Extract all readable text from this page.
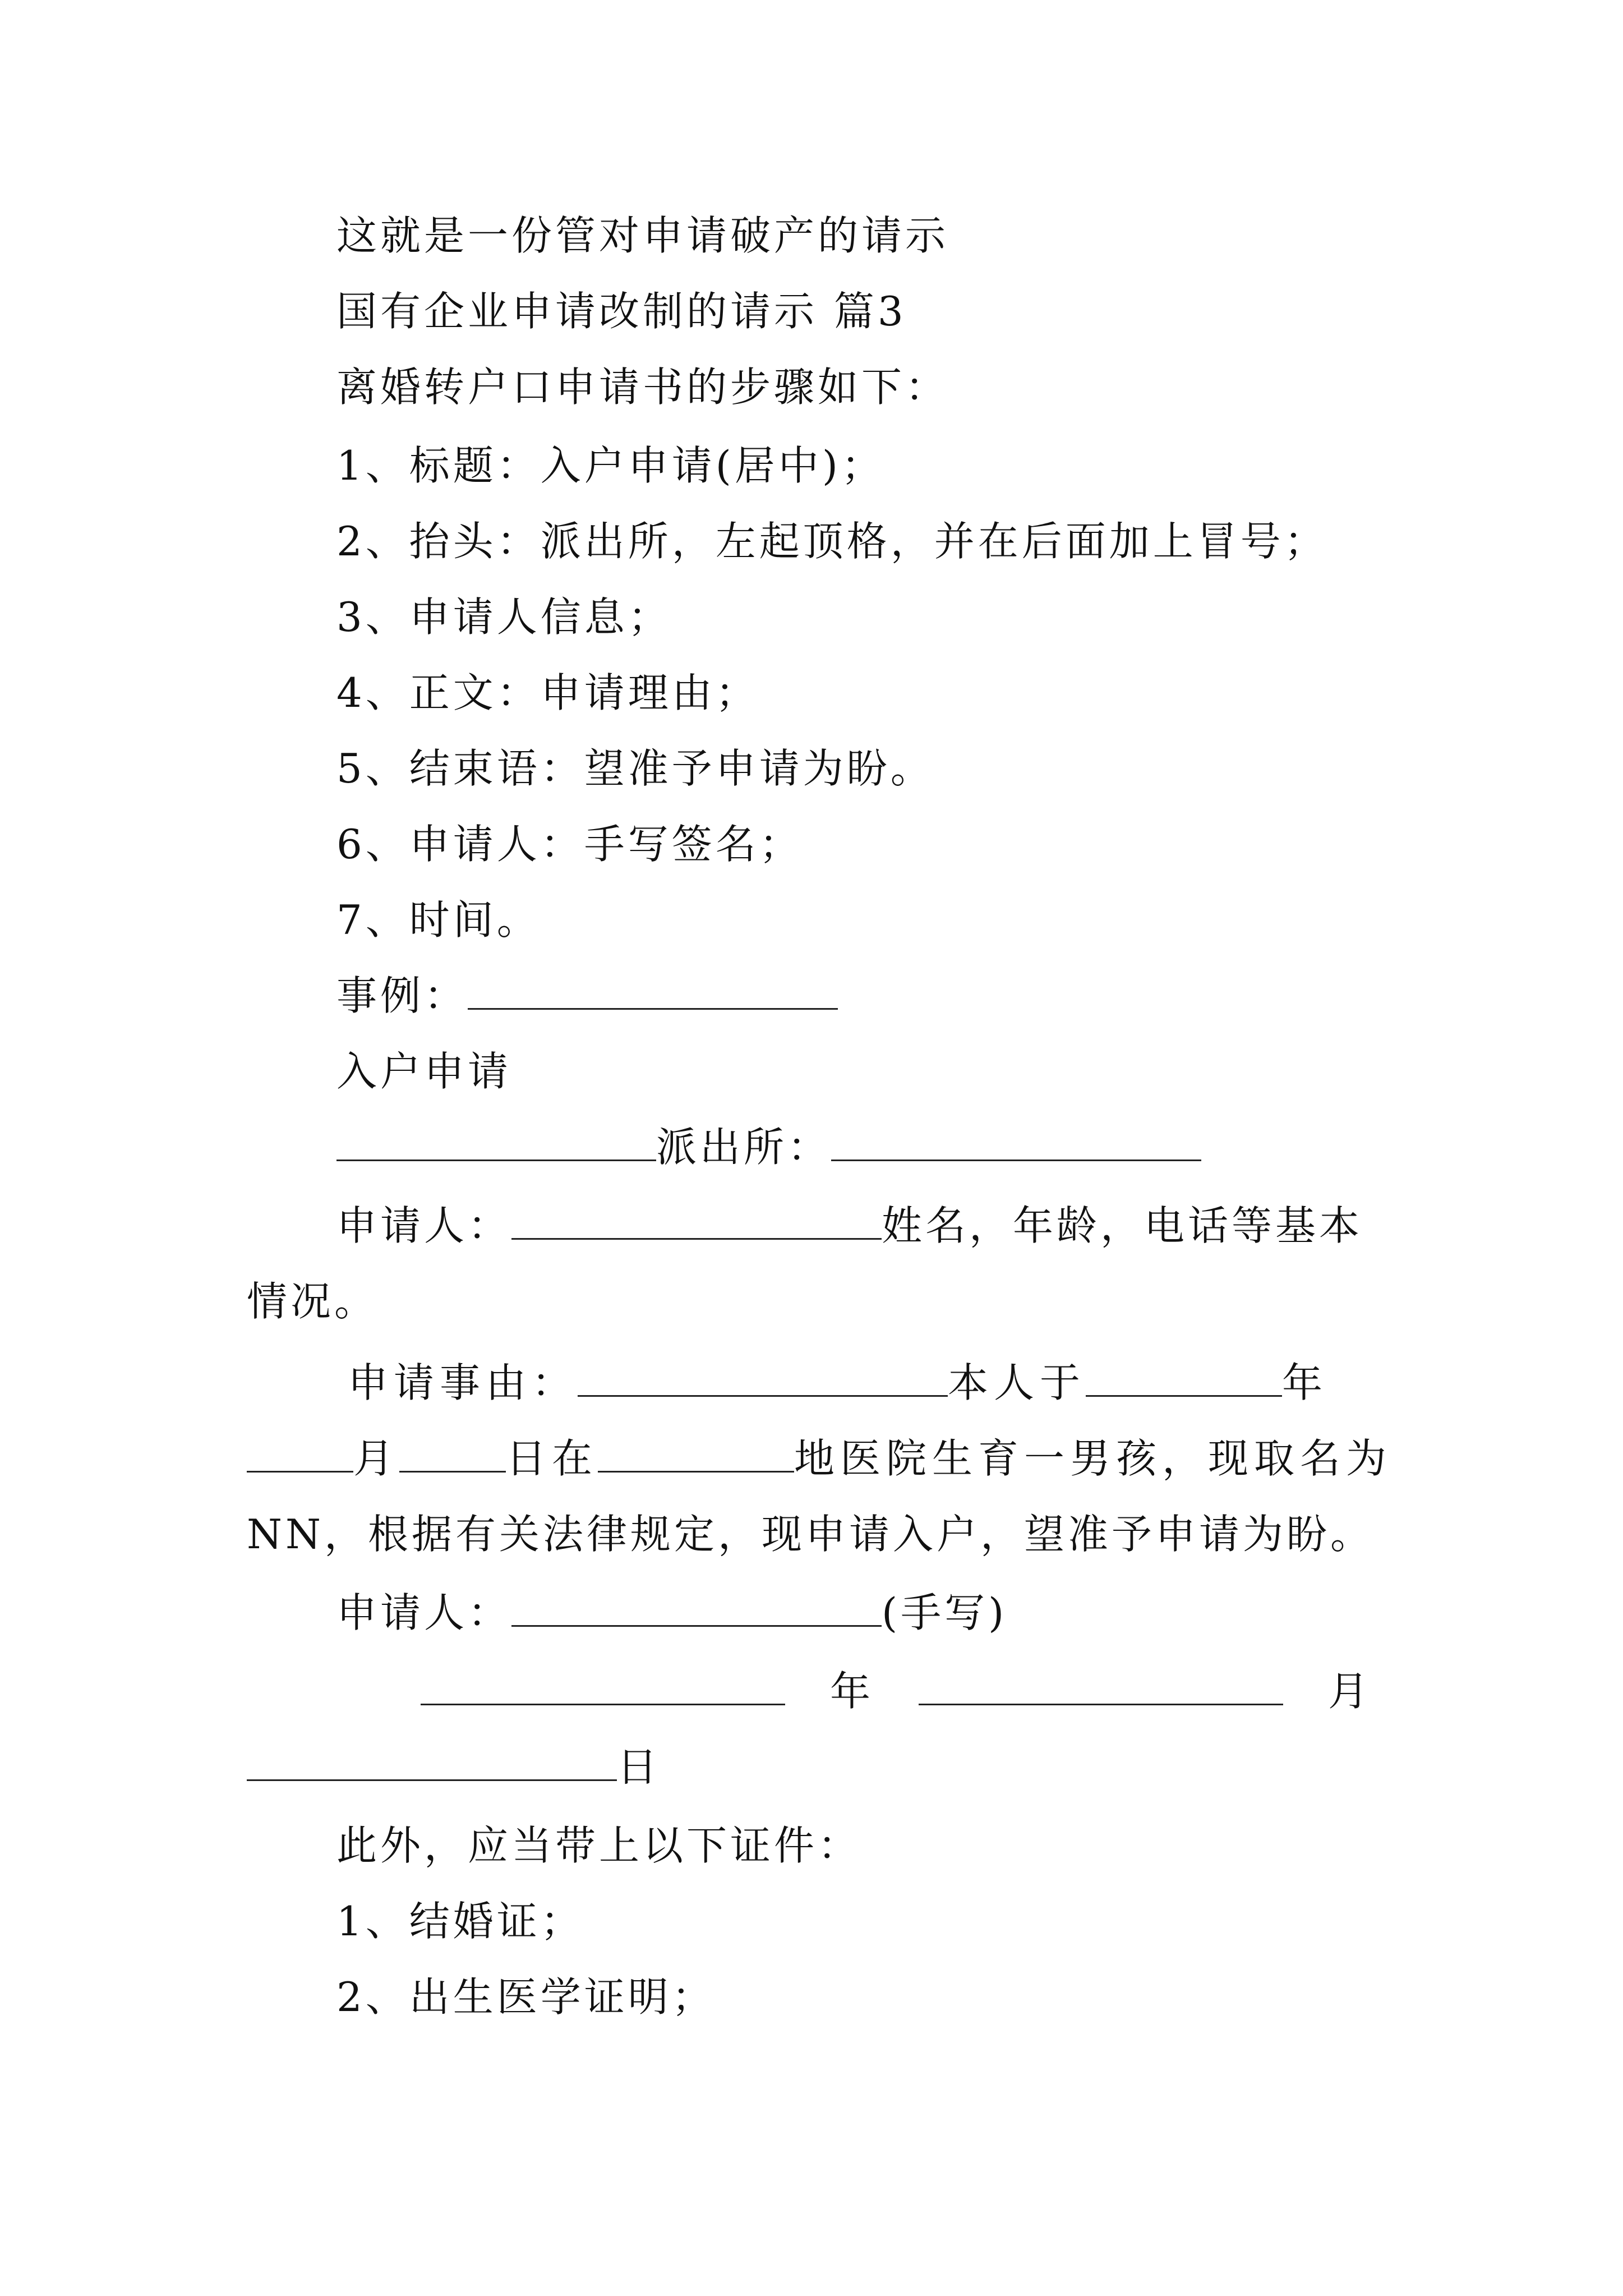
这就是一份管对申请破产的请示
国有企业申请改制的请示 篇3
离婚转户口申请书的步骤如下：
1、标题：入户申请(居中)；
2、抬头：派出所，左起顶格，并在后面加上冒号；
3、申请人信息；
4、正文：申请理由；
5、结束语：望准予申请为盼。
6、申请人：手写签名；
7、时间。
事例：
入户申请
派出所：
申请人：	姓名，年龄，电话等基本
情况。
申请事由：	本人于	年
月	日在	地医院生育一男孩，现取名为
NN，根据有关法律规定，现申请入户，望准予申请为盼。
申请人：	(手写)
年	月
日
此外，应当带上以下证件：
1、结婚证；
2、出生医学证明；
